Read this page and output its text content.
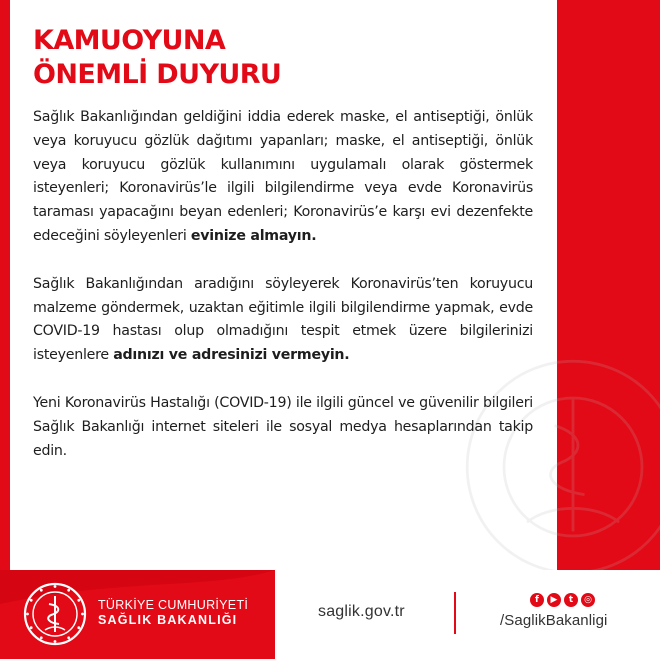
KAMUOYUNA
ÖNEMLİ DUYURU

Sağlık Bakanlığından geldiğini iddia ederek maske, el antiseptiği, önlük veya koruyucu gözlük dağıtımı yapanları; maske, el antiseptiği, önlük veya koruyucu gözlük kullanımını uygulamalı olarak göstermek isteyenleri; Koronavirüs’le ilgili bilgilendirme veya evde Koronavirüs taraması yapacağını beyan edenleri; Koronavirüs’e karşı evi dezenfekte edeceğini söyleyenleri evinize almayın.

Sağlık Bakanlığından aradığını söyleyerek Koronavirüs’ten koruyucu malzeme göndermek, uzaktan eğitimle ilgili bilgilendirme yapmak, evde COVID-19 hastası olup olmadığını tespit etmek üzere bilgilerinizi isteyenlere adınızı ve adresinizi vermeyin.

Yeni Koronavirüs Hastalığı (COVID-19) ile ilgili güncel ve güvenilir bilgileri Sağlık Bakanlığı internet siteleri ile sosyal medya hesaplarından takip edin.

TÜRKİYE CUMHURİYETİ
SAĞLIK BAKANLIĞI	saglik.gov.tr
f	▶	t	◎
/SaglikBakanligi
